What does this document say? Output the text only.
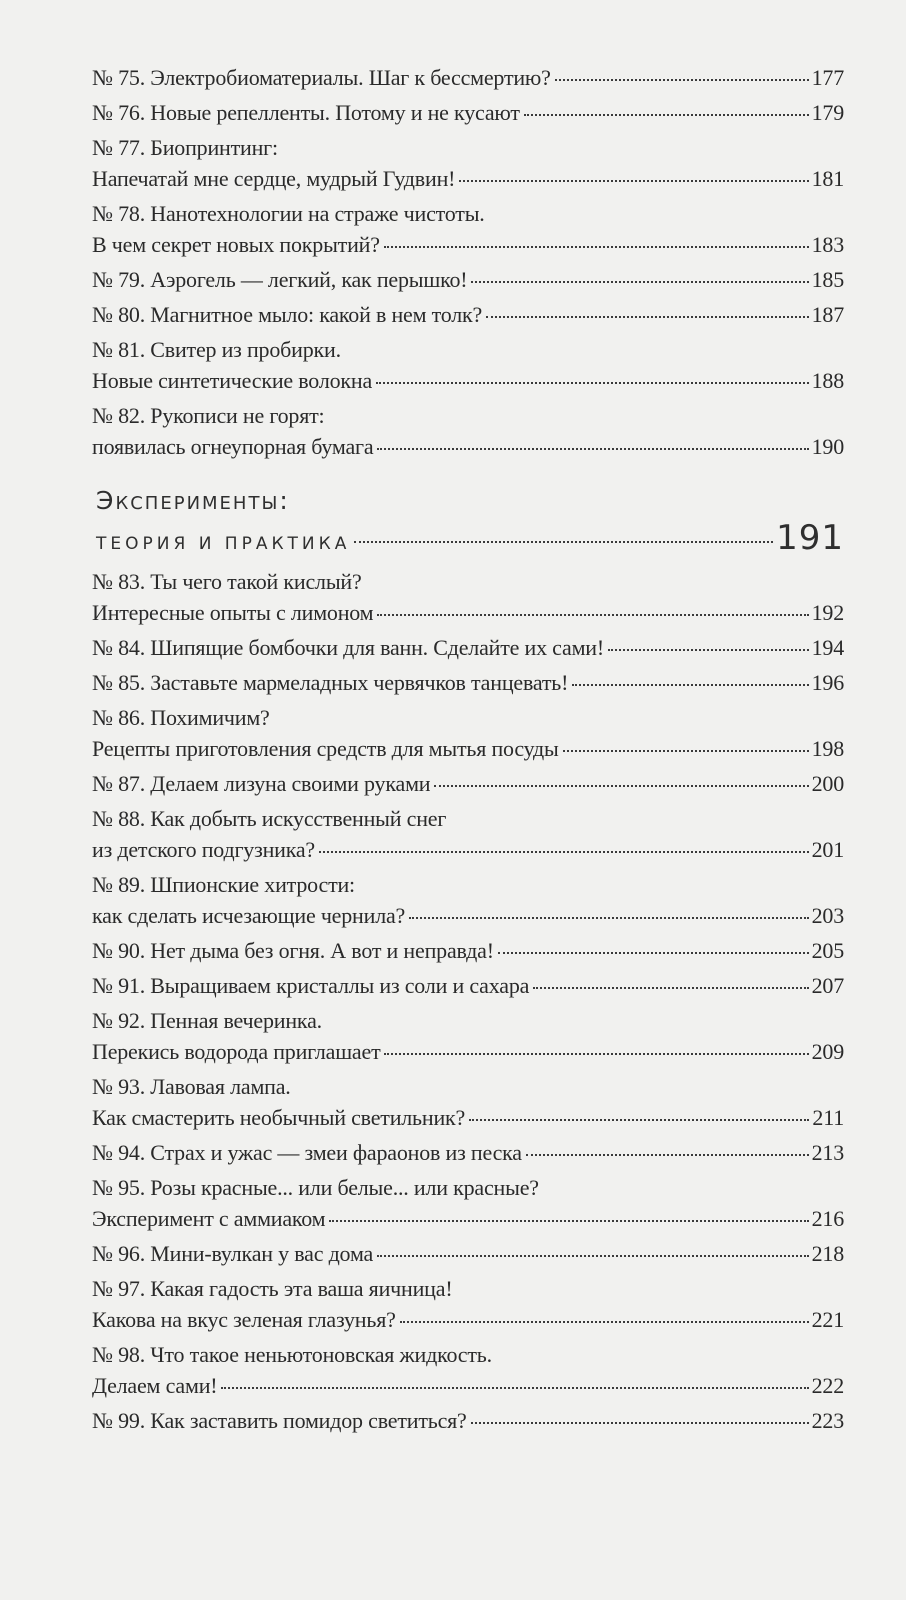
№ 75. Электробиоматериалы. Шаг к бессмертию?	177
№ 76. Новые репелленты. Потому и не кусают	179
№ 77. Биопринтинг:
Напечатай мне сердце, мудрый Гудвин!	181
№ 78. Нанотехнологии на страже чистоты.
В чем секрет новых покрытий?	183
№ 79. Аэрогель — легкий, как перышко!	185
№ 80. Магнитное мыло: какой в нем толк?	187
№ 81. Свитер из пробирки.
Новые синтетические волокна	188
№ 82. Рукописи не горят:
появилась огнеупорная бумага	190
Эксперименты:
ТЕОРИЯ И ПРАКТИКА	191
№ 83. Ты чего такой кислый?
Интересные опыты с лимоном	192
№ 84. Шипящие бомбочки для ванн. Сделайте их сами!	194
№ 85. Заставьте мармеладных червячков танцевать!	196
№ 86. Похимичим?
Рецепты приготовления средств для мытья посуды	198
№ 87. Делаем лизуна своими руками	200
№ 88. Как добыть искусственный снег
из детского подгузника?	201
№ 89. Шпионские хитрости:
как сделать исчезающие чернила?	203
№ 90. Нет дыма без огня. А вот и неправда!	205
№ 91. Выращиваем кристаллы из соли и сахара	207
№ 92. Пенная вечеринка.
Перекись водорода приглашает	209
№ 93. Лавовая лампа.
Как смастерить необычный светильник?	211
№ 94. Страх и ужас — змеи фараонов из песка	213
№ 95. Розы красные... или белые... или красные?
Эксперимент с аммиаком	216
№ 96. Мини-вулкан у вас дома	218
№ 97. Какая гадость эта ваша яичница!
Какова на вкус зеленая глазунья?	221
№ 98. Что такое неньютоновская жидкость.
Делаем сами!	222
№ 99. Как заставить помидор светиться?	223
